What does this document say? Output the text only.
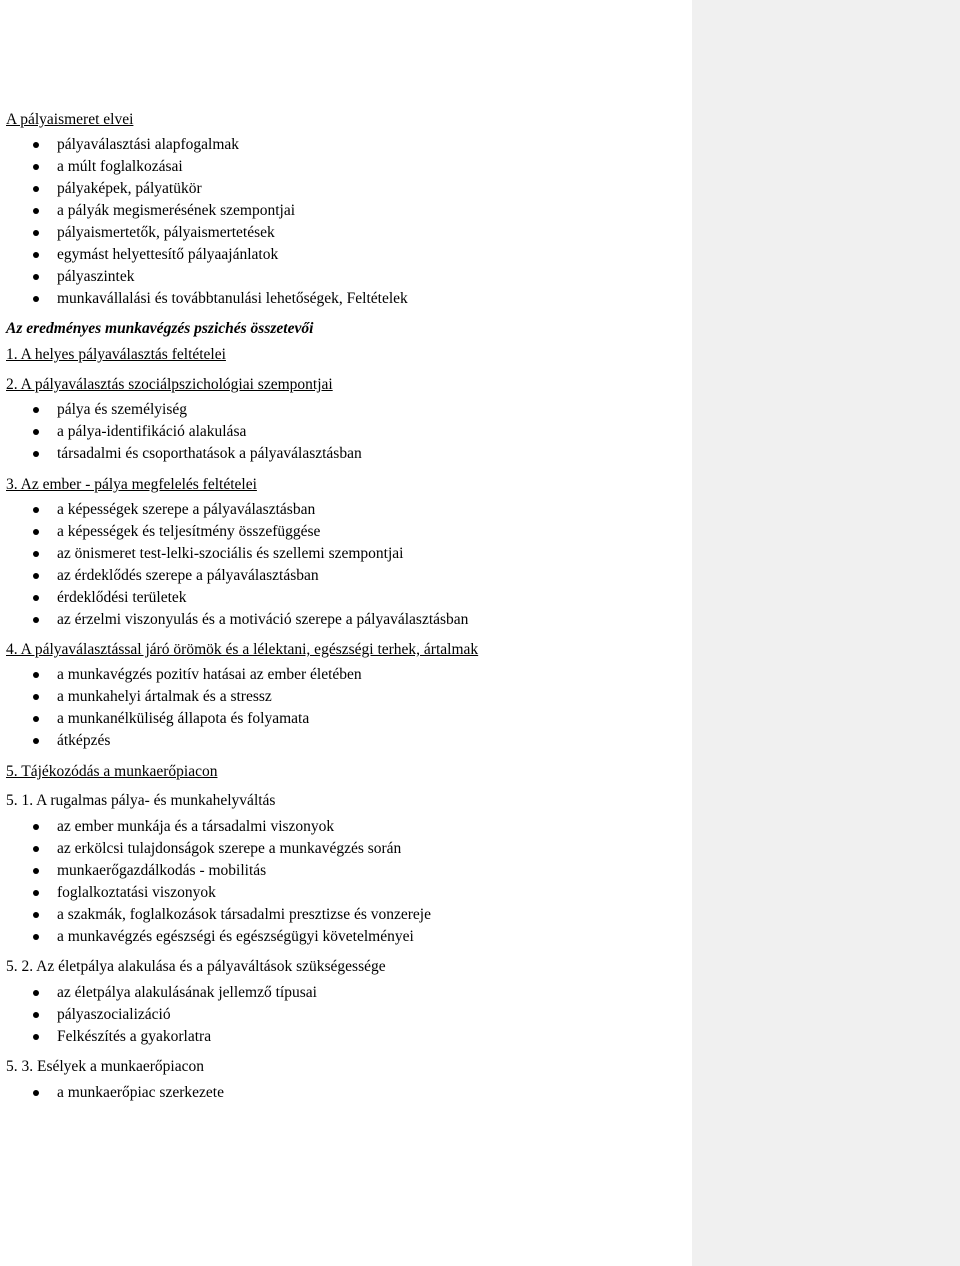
A pályaismeret elvei
pályaválasztási alapfogalmak
a múlt foglalkozásai
pályaképek, pályatükör
a pályák megismerésének szempontjai
pályaismertetők, pályaismertetések
egymást helyettesítő pályaajánlatok
pályaszintek
munkavállalási és továbbtanulási lehetőségek, Feltételek
Az eredményes munkavégzés pszichés összetevői
1. A helyes pályaválasztás feltételei
2. A pályaválasztás szociálpszichológiai szempontjai
pálya és személyiség
a pálya-identifikáció alakulása
társadalmi és csoporthatások a pályaválasztásban
3. Az ember - pálya megfelelés feltételei
a képességek szerepe a pályaválasztásban
a képességek és teljesítmény összefüggése
az önismeret test-lelki-szociális és szellemi szempontjai
az érdeklődés szerepe a pályaválasztásban
érdeklődési területek
az érzelmi viszonyulás és a motiváció szerepe a pályaválasztásban
4. A pályaválasztással járó örömök és a lélektani, egészségi terhek, ártalmak
a munkavégzés pozitív hatásai az ember életében
a munkahelyi ártalmak és a stressz
a munkanélküliség állapota és folyamata
átképzés
5. Tájékozódás a munkaerőpiacon
5. 1. A rugalmas pálya- és munkahelyváltás
az ember munkája és a társadalmi viszonyok
az erkölcsi tulajdonságok szerepe a munkavégzés során
munkaerőgazdálkodás - mobilitás
foglalkoztatási viszonyok
a szakmák, foglalkozások társadalmi presztizse és vonzereje
a munkavégzés egészségi és egészségügyi követelményei
5. 2. Az életpálya alakulása és a pályaváltások szükségessége
az életpálya alakulásának jellemző típusai
pályaszocializáció
Felkészítés a gyakorlatra
5. 3. Esélyek a munkaerőpiacon
a munkaerőpiac szerkezete
